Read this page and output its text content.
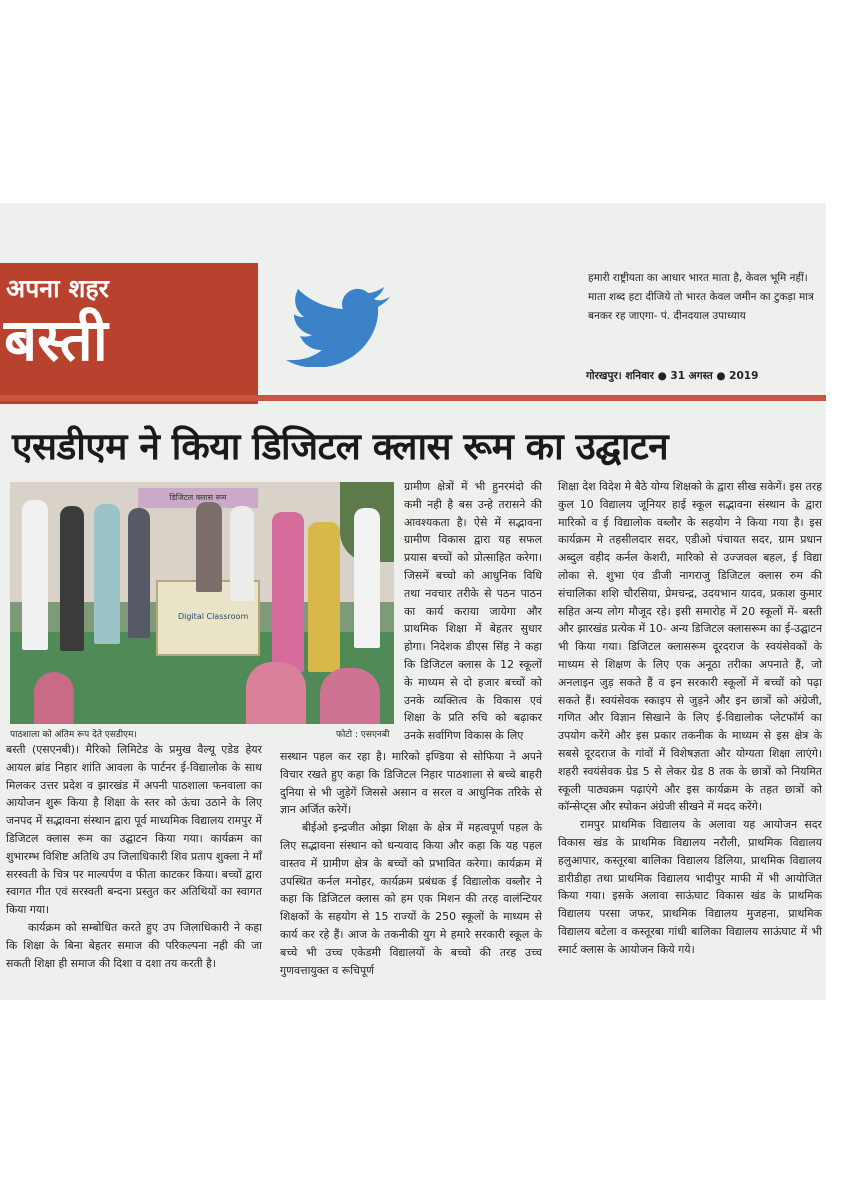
अपना शहर
बस्ती
हमारी राष्ट्रीयता का आधार भारत माता है, केवल भूमि नहीं। माता शब्द हटा दीजिये तो भारत केवल जमीन का टुकड़ा मात्र बनकर रह जाएगा- पं. दीनदयाल उपाध्याय
गोरखपुर। शनिवार ● 31 अगस्त ● 2019
एसडीएम ने किया डिजिटल क्लास रूम का उद्घाटन
डिजिटल क्लास रूम
Digital Classroom
पाठशाला को अंतिम रूप देते एसडीएम।	फोटो : एसएनबी

बस्ती (एसएनबी)। मैरिको लिमिटेड के प्रमुख वैल्यू एडेड हेयर आयल ब्रांड निहार शांति आवला के पार्टनर ई-विद्यालोक के साथ मिलकर उत्तर प्रदेश व झारखंड में अपनी पाठशाला फनवाला का आयोजन शुरू किया है शिक्षा के स्तर को ऊंचा उठाने के लिए जनपद में सद्भावना संस्थान द्वारा पूर्व माध्यमिक विद्यालय रामपुर में डिजिटल क्लास रूम का उद्घाटन किया गया। कार्यक्रम का शुभारम्भ विशिष्ट अतिथि उप जिलाधिकारी शिव प्रताप शुक्ला ने माँ सरस्वती के चित्र पर माल्यर्पण व फीता काटकर किया। बच्चों द्वारा स्वागत गीत एवं सरस्वती बन्दना प्रस्तुत कर अतिथियों का स्वागत किया गया।

कार्यक्रम को सम्बोधित करते हुए उप जिलाधिकारी ने कहा कि शिक्षा के बिना बेहतर समाज की परिकल्पना नही की जा सकती शिक्षा ही समाज की दिशा व दशा तय करती है।

ग्रामीण क्षेत्रों में भी हुनरमंदो की कमी नही है बस उन्हे तरासने की आवश्यकता है। ऐसे में सद्भावना ग्रामीण विकास द्वारा यह सफल प्रयास बच्चों को प्रोत्साहित करेगा। जिसमें बच्चो को आधुनिक विधि तथा नवचार तरीके से पठन पाठन का कार्य कराया जायेगा और प्राथमिक शिक्षा में बेहतर सुधार होगा। निदेशक डीएस सिंह ने कहा कि डिजिटल क्लास के 12 स्कूलों के माध्यम से दो हजार बच्चों को उनके व्यक्तित्व के विकास एवं शिक्षा के प्रति रुचि को बढ़ाकर उनके सर्वागिण विकास के लिए

सस्थान पहल कर रहा है। मारिको इण्डिया से सोफिया ने अपने विचार रखते हुए कहा कि डिजिटल निहार पाठशाला से बच्चे बाहरी दुनिया से भी जुड़ेगें जिससे असान व सरल व आधुनिक तरिके से ज्ञान अर्जित करेगें।

बीईओ इन्द्रजीत ओझा शिक्षा के क्षेत्र में महत्वपूर्ण पहल के लिए सद्भावना संस्थान को धन्यवाद किया और कहा कि यह पहल वास्तव में ग्रामीण क्षेत्र के बच्चों को प्रभावित करेगा। कार्यक्रम में उपस्थित कर्नल मनोहर, कार्यक्रम प्रबंधक ई विद्यालोक वब्लौर ने कहा कि डिजिटल क्लास को हम एक मिशन की तरह वालंन्टियर शिक्षकों के सहयोग से 15 राज्यों के 250 स्कूलों के माध्यम से कार्य कर रहे हैं। आज के तकनीकी युग मे हमारे सरकारी स्कूल के बच्चे भी उच्च एकेडमी विद्यालयों के बच्चो की तरह उच्च गुणवत्तायुक्त व रूचिपूर्ण

शिक्षा देश विदेश मे बैठे योग्य शिक्षको के द्वारा सीख सकेगें। इस तरह कुल 10 विद्यालय जूनियर हाई स्कूल सद्भावना संस्थान के द्वारा मारिको व ई विद्यालोक वब्लौर के सहयोग ने किया गया है। इस कार्यक्रम मे तहसीलदार सदर, एडीओ पंचायत सदर, ग्राम प्रधान अब्दुल वहीद कर्नल केशरी, मारिको से उज्जवल बहल, ई विद्या लोका से. शुभा एंव डीजी नागराजु डिजिटल क्लास रुम की संचालिका शशि चौरसिया, प्रेमचन्द्र, उदयभान यादव, प्रकाश कुमार सहित अन्य लोग मौजूद रहे। इसी समारोह में 20 स्कूलों में- बस्ती और झारखंड प्रत्येक में 10- अन्य डिजिटल क्लासरूम का ई-उद्घाटन भी किया गया। डिजिटल क्लासरूम दूरदराज के स्वयंसेवकों के माध्यम से शिक्षण के लिए एक अनूठा तरीका अपनाते हैं, जो अनलाइन जुड़ सकते हैं व इन सरकारी स्कूलों में बच्चों को पढ़ा सकते हैं। स्वयंसेवक स्काइप से जुड़ने और इन छात्रों को अंग्रेजी, गणित और विज्ञान सिखाने के लिए ई-विद्यालोक प्लेटफॉर्म का उपयोग करेंगे और इस प्रकार तकनीक के माध्यम से इस क्षेत्र के सबसे दूरदराज के गांवों में विशेषज्ञता और योग्यता शिक्षा लाएंगे। शहरी स्वयंसेवक ग्रेड 5 से लेकर ग्रेड 8 तक के छात्रों को नियमित स्कूली पाठ्यक्रम पढ़ाएंगे और इस कार्यक्रम के तहत छात्रों को कॉन्सेप्ट्स और स्पोकन अंग्रेजी सीखने में मदद करेंगे।

रामपुर प्राथमिक विद्यालय के अलावा यह आयोजन सदर विकास खंड के प्राथमिक विद्यालय नरौली, प्राथमिक विद्यालय हलुआपार, कस्तूरबा बालिका विद्यालय डिलिया, प्राथमिक विद्यालय डारीडीहा तथा प्राथमिक विद्यालय भादीपुर माफी में भी आयोजित किया गया। इसके अलावा साऊंघाट विकास खंड के प्राथमिक विद्यालय परसा जफर, प्राथमिक विद्यालय मुजहना, प्राथमिक विद्यालय बटेला व कस्तूरबा गांधी बालिका विद्यालय साऊंघाट में भी स्मार्ट क्लास के आयोजन किये गये।
